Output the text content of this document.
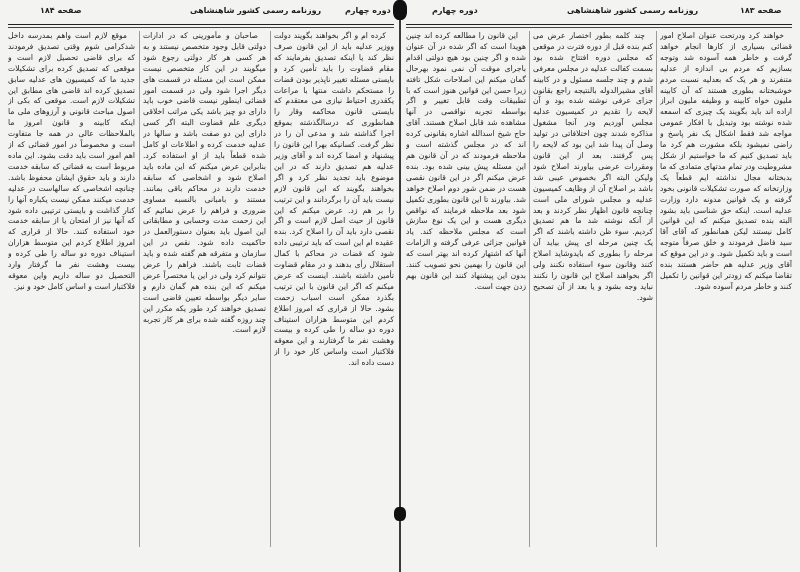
صفحه ۱۸۴	روزنامه رسمی کشور شاهنشاهی	دوره چهارم

کرده ام و اگر بخواهند بگویند دولت ووزیر عدلیه باید از این قانون صرف نظر کند یا اینکه تصدیق بفرمایند که مقام قضاوت را باید تأمین کرد و بایستی مسئله تغییر ناپذیر بودن قضات را مستحکم داشت منتها با مراعات یکقدری احتیاط نیازی می معتقدم که بایستی قانون محاکمه وقار را همانطوری که درسالگذشته بموقع اجرا گذاشته شد و مدعی آن را در نظر گرفت. کسانیکه بهرا این قانون را پیشنهاد و امضا کرده اند و آقای وزیر عدلیه هم تصدیق دارند که در این موضوع باید تجدید نظر کرد و اگر بخواهند بگویند که این قانون لازم نیست باید آن را برگردانند و این ترتیب را بر هم زد. عرض میکنم که این قانون از حیث اصل لازم است و اگر نقصی دارد باید آن را اصلاح کرد. بنده عقیده ام این است که باید ترتیبی داده شود که قضات در محاکم با کمال استقلال رأی بدهند و در مقام قضاوت تأمین داشته باشند. اینست که عرض میکنم که اگر این قانون با این ترتیب بگذرد ممکن است اسباب زحمت بشود. حالا از قراری که امروز اطلاع کردم این متوسط هزاران استیناف دوره دو ساله را طی کرده و بیست وهشت نفر ما گرفتارند و این معوقه فلاکتبار است واساس کار خود را از دست داده اند.

صاحبان و مأمورینی که در ادارات دولتی قابل وجود متخصص نیستند و به هر کسی هر کار دولتی رجوع شود میگویند در این کار متخصص نیست ممکن است این مسئله در قسمت های دیگر اجرا شود ولی در قسمت امور قضائی اینطور نیست قاضی خوب باید دارای دو چیز باشد یکی مراتب اخلاقی دیگری علم قضاوت البته اگر کسی دارای این دو صفت باشد و سالها در عدلیه خدمت کرده و اطلاعات او کامل شده قطعاً باید از او استفاده کرد. بنابراین عرض میکنم که این ماده باید اصلاح شود و اشخاصی که سابقه خدمت دارند در محاکم باقی بمانند. مستند و بامبانی بالنسبه مساوی ضروری و فراهم را عرض نمائیم که این زحمت مدت وحسابی و مطابقاتی این اصول باید بعنوان دستورالعمل در حاکمیت داده شود. نقص در این سازمان و متفرقه هم گفته شده و باید قضات ثابت باشند. فراهم را عرض نتوانم کرد ولی در این یا مختصراً عرض میکنم که این بنده هم گمان دارم و سایر دیگر بواسطه تعیین قاضی است تصدیق خواهند کرد طور یکه مکرر این چند روزه گفته شده برای هر کار تجربه لازم است.

موقع لازم است واهم بمدرسه داخل شدکرامی شوم وقتی تصدیق فرمودند که برای قاضی تحصیل لازم است و موقعی که تصدیق کرده برای تشکیلات جدید ما که کمیسیون های عدلیه سابق تصدیق کرده اند قاضی های مطابق این تشکیلات لازم است. موقعی که بکی از اصول مباحث قانونی و آرزوهای ملی ما اینکه کابینه و قانون امروز ما بالملاحظات عالی در همه جا متفاوت است و مخصوصاً در امور قضائی که از اهم امور است باید دقت بشود. این ماده مربوط است به قضاتی که سابقه خدمت دارند و باید حقوق ایشان محفوظ باشد. چنانچه اشخاصی که سالهاست در عدلیه خدمت میکنند ممکن نیست یکباره آنها را کنار گذاشت و بایستی ترتیبی داده شود که آنها نیز از امتحان یا از سابقه خدمت خود استفاده کنند. حالا از قراری که امروز اطلاع کردم این متوسط هزاران استیناف دوره دو ساله را طی کرده و بیست وهشت نفر ما گرفتار وارد التحصیل دو ساله داریم واین معوقه فلاکتبار است و اساس کامل خود و نیز.

دوره چهارم	روزنامه رسمی کشور شاهنشاهی	صفحه ۱۸۳

این قانون را مطالعه کرده اند چنین هویدا است که اگر شده در آن عنوان شده و اگر چنین بود هیچ دولتی اقدام باجرای موقت آن نمی نمود بهرحال گمان میکنم این اصلاحات شکل تافته زیرا حسن این قوانین هنوز است که با تطبیقات وقت قابل تغییر و اگر بواسطه تجربه نواقصی در آنها مشاهده شد قابل اصلاح هستند. آقای حاج شیخ اسدالله اشاره بقانونی کرده اند که در مجلس گذشته است و ملاحظه فرمودند که در آن قانون هم این مسئله پیش بینی شده بود. بنده عرض میکنم اگر در این قانون نقصی هست در ضمن شور دوم اصلاح خواهد شد. بیاورند تا این قانون بطوری تکمیل شود بعد ملاحظه فرمایند که نواقص دیگری هست و این یک نوع سازش است که مجلس ملاحظه کند. یاد قوانین جزائی عرفی گرفته و الزامات آنها که اشتهار کرده اند بهتر است که این قانون را بهمین نحو تصویب کنند. بدون این پیشنهاد کنند این قانون بهم زدن جهت است.

چند کلمه بطور اختصار عرض می کنم بنده قبل از دوره فترت در موقعی که مجلس دوره افتتاح شده بود بسمت کفالت عدلیه در مجلس معرفی شدم و چند جلسه مسئول و در کابینه آقای مشیرالدوله بالنتیجه راجع بقانون جزای عرفی نوشته شده بود و آن لایحه را تقدیم در کمیسیون عدلیه مجلس آوردیم ودر آنجا مشغول مذاکره شدند چون اختلافاتی در تولید وصل آن پیدا شد این بود که لایحه را پس گرفتند. بعد از این قانون ومقررات عرضی بیاورند اصلاح شود ولیکن البته اگر بخصوص عیبی شد باشد بر اصلاح آن از وظایف کمیسیون عدلیه و مجلس شورای ملی است چنانچه قانون اظهار نظر کردند و بعد از آنکه نوشته شد ما هم تصدیق کردیم. سوء ظن داشته باشند که اگر یک چنین مرحله ای پیش بیاید آن مرحله را بطوری که بایدوشاید اصلاح کنند وقانون سوء استفاده نکنند ولی اگر بخواهند اصلاح این قانون را نکنند نباید وجه بشود و یا بعد از آن تصحیح شود.

خواهند کرد ودرتحت عنوان اصلاح امور قضائی بسیاری از کارها انجام خواهد گرفت و خاطر همه آسوده شد وتوجه بسازیم که مردم بی اندازه از عدلیه متنفرند و هر یک که بعدلیه نسبت مردم خوشبختانه بطوری هستند که آن کابینه ملیون خواه کابینه و وظیفه ملیون ابراز اراده اند باید بگویند یک چیزی که اسمعه شده نوشته بود وتبدیل با افکار عمومی مواجه شد فقط اشکال یک نفر پاسخ و راضی نمیشود بلکه مشورت هم کرد ما باید تصدیق کنیم که ما خواستیم از شکل مشروطیت ودر تمام مدتهای متمادی که ما بدبختانه مجال نداشته ایم قطعاً یک وزارتخانه که صورت تشکیلات قانونی بخود گرفته و یک قوانین مدونه دارد وزارت عدلیه است. اینکه حق شناسی باید بشود البته بنده تصدیق میکنم که این قوانین کامل نیستند لیکن همانطور که آقای آقا سید فاضل فرمودند و خلق صرفاً متوجه است و باید تکمیل شود. و در این موقع که آقای وزیر عدلیه هم حاضر هستند بنده تقاضا میکنم که زودتر این قوانین را تکمیل کنند و خاطر مردم آسوده شود.
